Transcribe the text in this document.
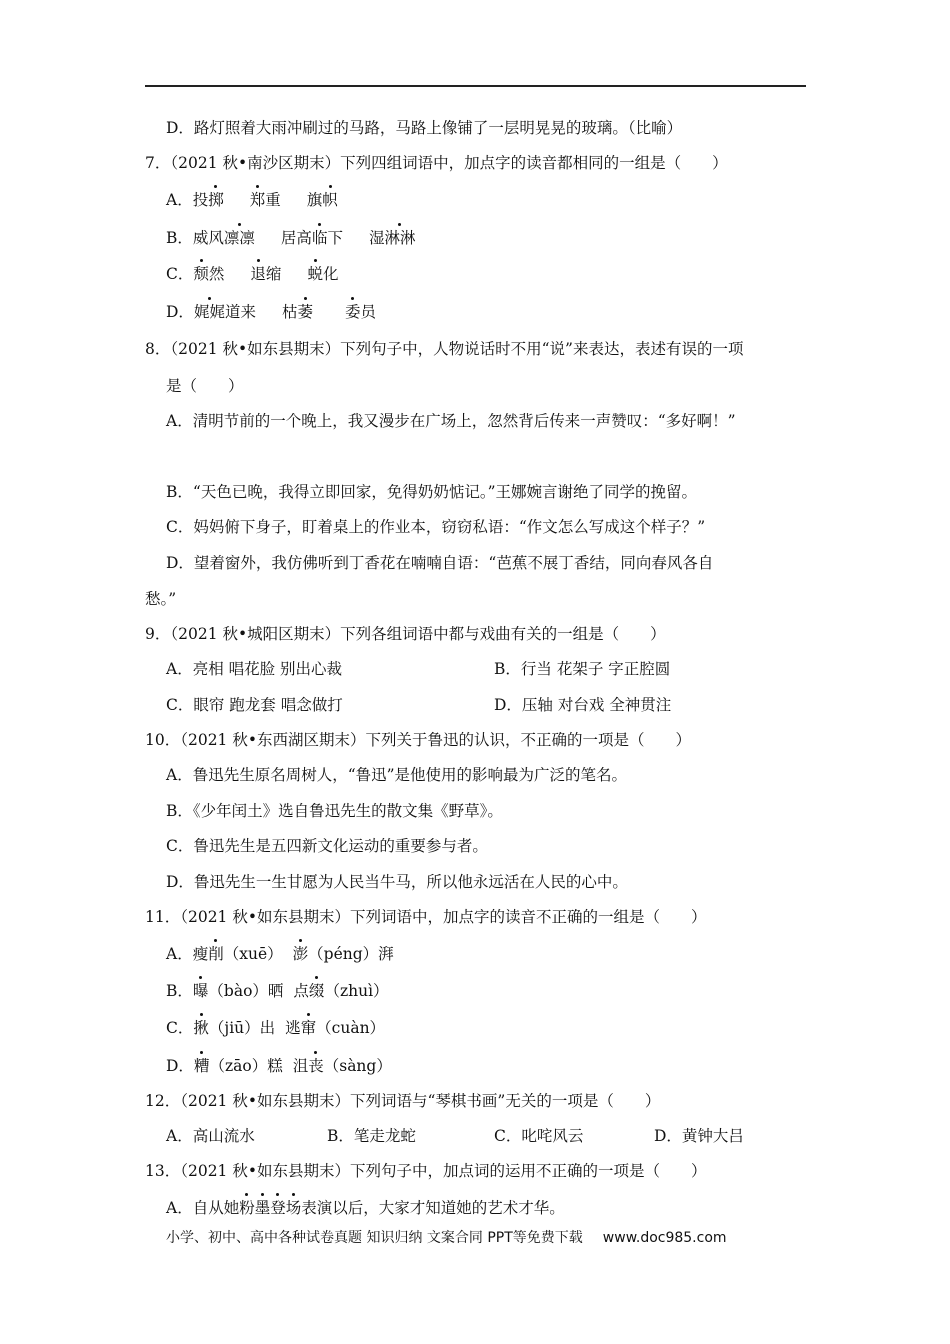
D．路灯照着大雨冲刷过的马路，马路上像铺了一层明晃晃的玻璃。（比喻）
7．（2021 秋•南沙区期末）下列四组词语中，加点字的读音都相同的一组是（　　）
A．投掷 郑重 旗帜
B．威风凛凛 居高临下 湿淋淋
C．颓然 退缩 蜕化
D．娓娓道来 枯萎 委员
8．（2021 秋•如东县期末）下列句子中，人物说话时不用“说”来表达，表述有误的一项
是（　　）
A．清明节前的一个晚上，我又漫步在广场上，忽然背后传来一声赞叹：“多好啊！”
B．“天色已晚，我得立即回家，免得奶奶惦记。”王娜婉言谢绝了同学的挽留。
C．妈妈俯下身子，盯着桌上的作业本，窃窃私语：“作文怎么写成这个样子？”
D．望着窗外，我仿佛听到丁香花在喃喃自语：“芭蕉不展丁香结，同向春风各自
愁。”
9．（2021 秋•城阳区期末）下列各组词语中都与戏曲有关的一组是（　　）
A．亮相 唱花脸 别出心裁	B．行当 花架子 字正腔圆
C．眼帘 跑龙套 唱念做打	D．压轴 对台戏 全神贯注
10．（2021 秋•东西湖区期末）下列关于鲁迅的认识，不正确的一项是（　　）
A．鲁迅先生原名周树人，“鲁迅”是他使用的影响最为广泛的笔名。
B．《少年闰土》选自鲁迅先生的散文集《野草》。
C．鲁迅先生是五四新文化运动的重要参与者。
D．鲁迅先生一生甘愿为人民当牛马，所以他永远活在人民的心中。
11．（2021 秋•如东县期末）下列词语中，加点字的读音不正确的一组是（　　）
A．瘦削（xuē） 澎（péng）湃
B．曝（bào）晒 点缀（zhuì）
C．揪（jiū）出 逃窜（cuàn）
D．糟（zāo）糕 沮丧（sàng）
12．（2021 秋•如东县期末）下列词语与“琴棋书画”无关的一项是（　　）
A．高山流水	B．笔走龙蛇	C．叱咤风云	D．黄钟大吕
13．（2021 秋•如东县期末）下列句子中，加点词的运用不正确的一项是（　　）
A．自从她粉墨登场表演以后，大家才知道她的艺术才华。
小学、初中、高中各种试卷真题 知识归纳 文案合同 PPT等免费下载 www.doc985.com
